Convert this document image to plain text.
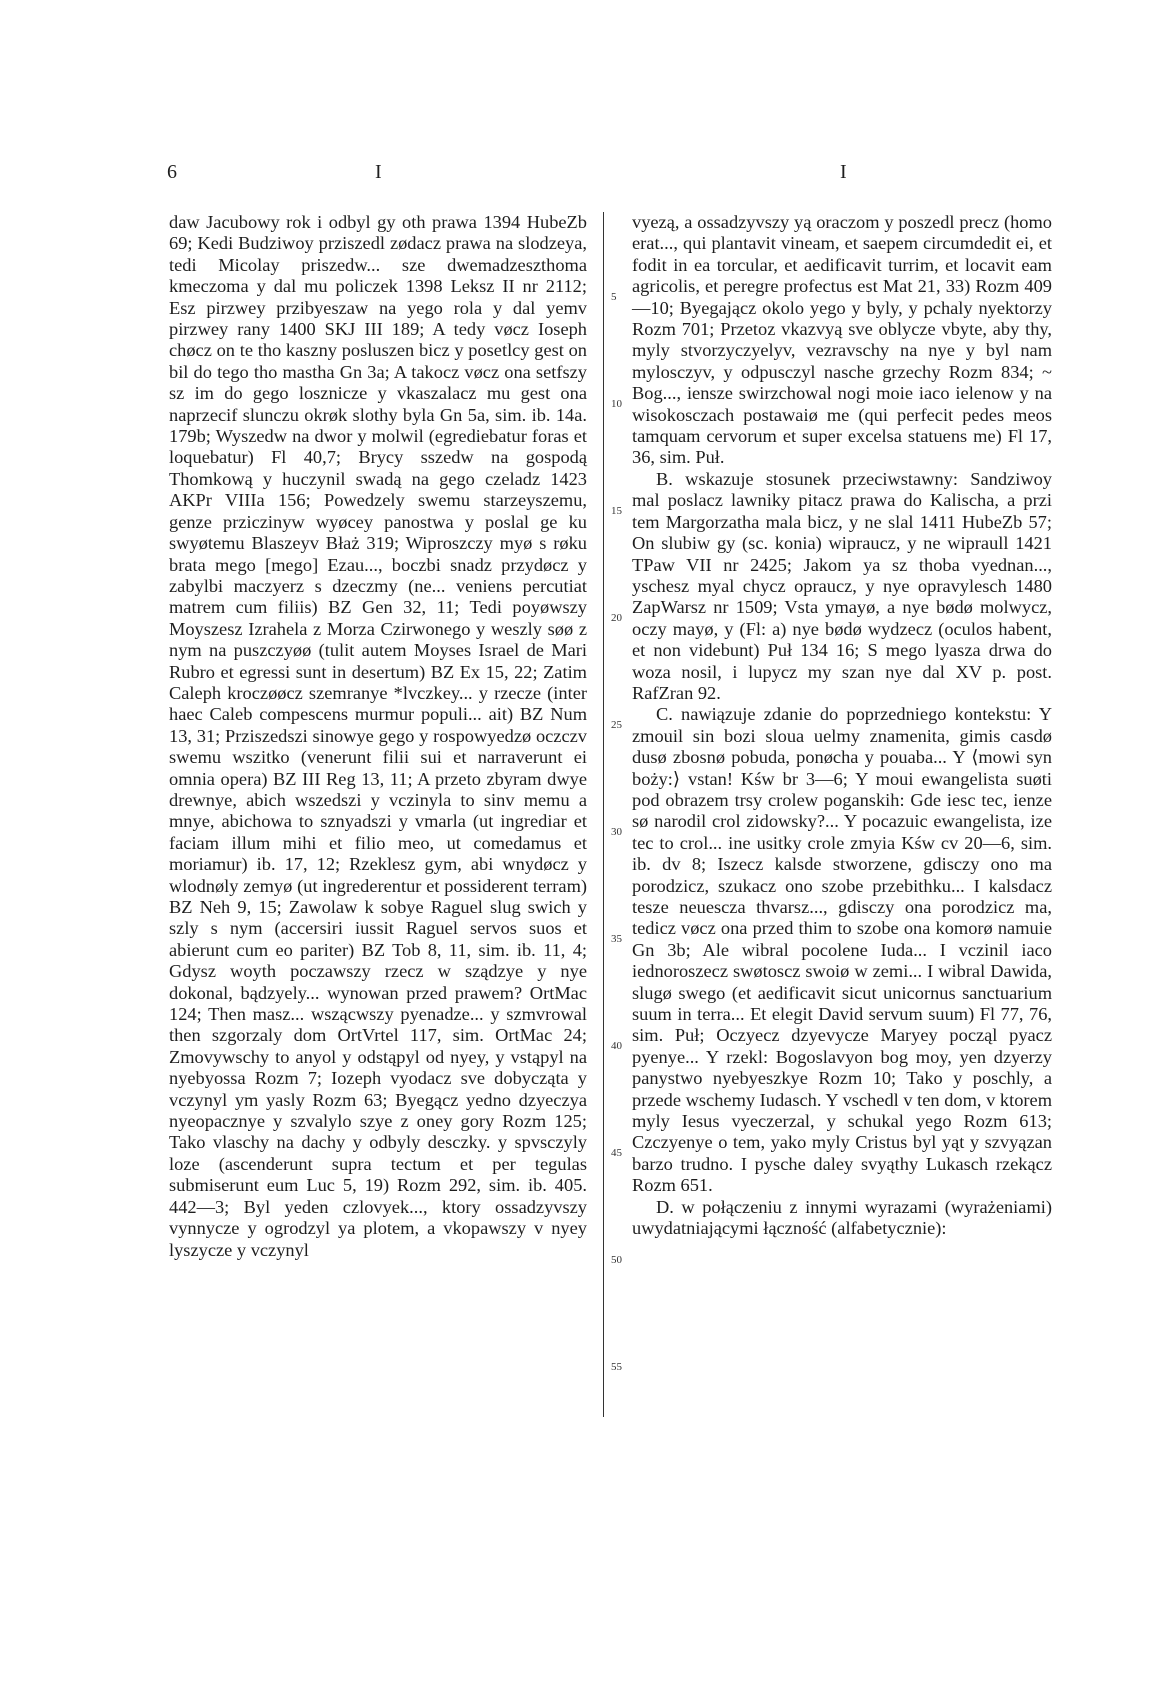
6	I	I

daw Jacubowy rok i odbyl gy oth prawa 1394 HubeZb 69; Kedi Budziwoy prziszedl zødacz prawa na slodzeya, tedi Micolay priszedw... sze dwemadzeszthoma kmeczoma y dal mu policzek 1398 Leksz II nr 2112; Esz pirzwey przibyeszaw na yego rola y dal yemv pirzwey rany 1400 SKJ III 189; A tedy vøcz Ioseph chøcz on te tho kaszny posluszen bicz y posetlcy gest on bil do tego tho mastha Gn 3a; A takocz vøcz ona setfszy sz im do gego losznicze y vkaszalacz mu gest ona naprzecif slunczu okrøk slothy byla Gn 5a, sim. ib. 14a. 179b; Wyszedw na dwor y molwil (egrediebatur foras et loquebatur) Fl 40,7; Brycy sszedw na gospodą Thomkową y huczynil swadą na gego czeladz 1423 AKPr VIIIa 156; Powedzely swemu starzeyszemu, genze prziczinyw wyøcey panostwa y poslal ge ku swyøtemu Blaszeyv Błaż 319; Wiproszczy myø s røku brata mego [mego] Ezau..., boczbi snadz przydøcz y zabylbi maczyerz s dzeczmy (ne... veniens percutiat matrem cum filiis) BZ Gen 32, 11; Tedi poyøwszy Moyszesz Izrahela z Morza Czirwonego y weszly søø z nym na puszczyøø (tulit autem Moyses Israel de Mari Rubro et egressi sunt in desertum) BZ Ex 15, 22; Zatim Caleph kroczøøcz szemranye *lvczkey... y rzecze (inter haec Caleb compescens murmur populi... ait) BZ Num 13, 31; Prziszedszi sinowye gego y rospowyedzø oczczv swemu wszitko (venerunt filii sui et narraverunt ei omnia opera) BZ III Reg 13, 11; A przeto zbyram dwye drewnye, abich wszedszi y vczinyla to sinv memu a mnye, abichowa to sznyadszi y vmarla (ut ingrediar et faciam illum mihi et filio meo, ut comedamus et moriamur) ib. 17, 12; Rzeklesz gym, abi wnydøcz y wlodnøly zemyø (ut ingrederentur et possiderent terram) BZ Neh 9, 15; Zawolaw k sobye Raguel slug swich y szly s nym (accersiri iussit Raguel servos suos et abierunt cum eo pariter) BZ Tob 8, 11, sim. ib. 11, 4; Gdysz woyth poczawszy rzecz w sządzye y nye dokonal, bądzyely... wynowan przed prawem? OrtMac 124; Then masz... wszącwszy pyenadze... y szmvrowal then szgorzaly dom OrtVrtel 117, sim. OrtMac 24; Zmovywschy to anyol y odstąpyl od nyey, y vstąpyl na nyebyossa Rozm 7; Iozeph vyodacz sve dobyczątа y vczynyl ym yasly Rozm 63; Byegącz yedno dzyeczya nyeopacznye y szvalylo szye z oney gory Rozm 125; Tako vlaschy na dachy y odbyly desczky. y spvsczyly loze (ascenderunt supra tectum et per tegulas submiserunt eum Luc 5, 19) Rozm 292, sim. ib. 405. 442—3; Byl yeden czlovyek..., ktory ossadzyvszy vynnycze y ogrodzyl ya plotem, a vkopawszy v nyey lyszycze y vczynyl

5
10
15
20
25
30
35
40
45
50
55

vyezą, a ossadzyvszy yą oraczom y poszedl precz (homo erat..., qui plantavit vineam, et saepem circumdedit ei, et fodit in ea torcular, et aedificavit turrim, et locavit eam agricolis, et peregre profectus est Mat 21, 33) Rozm 409—10; Byegającz okolo yego y byly, y pchaly nyektorzy Rozm 701; Przetoz vkazvyą sve oblycze vbyte, aby thy, myly stvorzyczyelyv, vezravschy na nye y byl nam mylosczyv, y odpusczyl nasche grzechy Rozm 834; ~ Bog..., iensze swirzchowal nogi moie iaco ielenow y na wisokosczach postawaiø me (qui perfecit pedes meos tamquam cervorum et super excelsa statuens me) Fl 17, 36, sim. Puł.

B. wskazuje stosunek przeciwstawny: Sandziwoy mal poslacz lawniky pitacz prawa do Kalischa, a przi tem Margorzatha mala bicz, y ne slal 1411 HubeZb 57; On slubiw gy (sc. konia) wipraucz, y ne wipraull 1421 TPaw VII nr 2425; Jakom ya sz thoba vyednan..., yschesz myal chycz opraucz, y nye opravylesch 1480 ZapWarsz nr 1509; Vsta ymayø, a nye bødø molwycz, oczy mayø, y (Fl: a) nye bødø wydzecz (oculos habent, et non videbunt) Puł 134 16; S mego lyasza drwa do woza nosil, i lupycz my szan nye dal XV p. post. RafZran 92.

C. nawiązuje zdanie do poprzedniego kontekstu: Y zmouil sin bozi sloua uelmy znamenita, gimis casdø dusø zbosnø pobuda, ponøcha y pouaba... Y ⟨mowi syn boży:⟩ vstan! Kśw br 3—6; Y moui ewangelista suøti pod obrazem trsy crolew poganskih: Gde iesc tec, ienze sø narodil crol zidowsky?... Y pocazuic ewangelista, ize tec to crol... ine usitky crole zmyia Kśw cv 20—6, sim. ib. dv 8; Iszecz kalsde stworzene, gdisczy ono ma porodzicz, szukacz ono szobe przebithku... I kalsdacz tesze neuescza thvarsz..., gdisczy ona porodzicz ma, tedicz vøcz ona przed thim to szobe ona komorø namuie Gn 3b; Ale wibral pocolene Iuda... I vczinil iaco iednoroszecz swøtoscz swoiø w zemi... I wibral Dawida, slugø swego (et aedificavit sicut unicornus sanctuarium suum in terra... Et elegit David servum suum) Fl 77, 76, sim. Puł; Oczyecz dzyevycze Maryey począl pyacz pyenye... Y rzekl: Bogoslavyon bog moy, yen dzyerzy panystwo nyebyeszkye Rozm 10; Tako y poschly, a przede wschemy Iudasch. Y vschedl v ten dom, v ktorem myly Iesus vyeczerzal, y schukal yego Rozm 613; Czczyenye o tem, yako myly Cristus byl yąt y szvyązan barzo trudno. I pysche daley svyąthy Lukasch rzekącz Rozm 651.

D. w połączeniu z innymi wyrazami (wyrażeniami) uwydatniającymi łączność (alfabetycznie):
